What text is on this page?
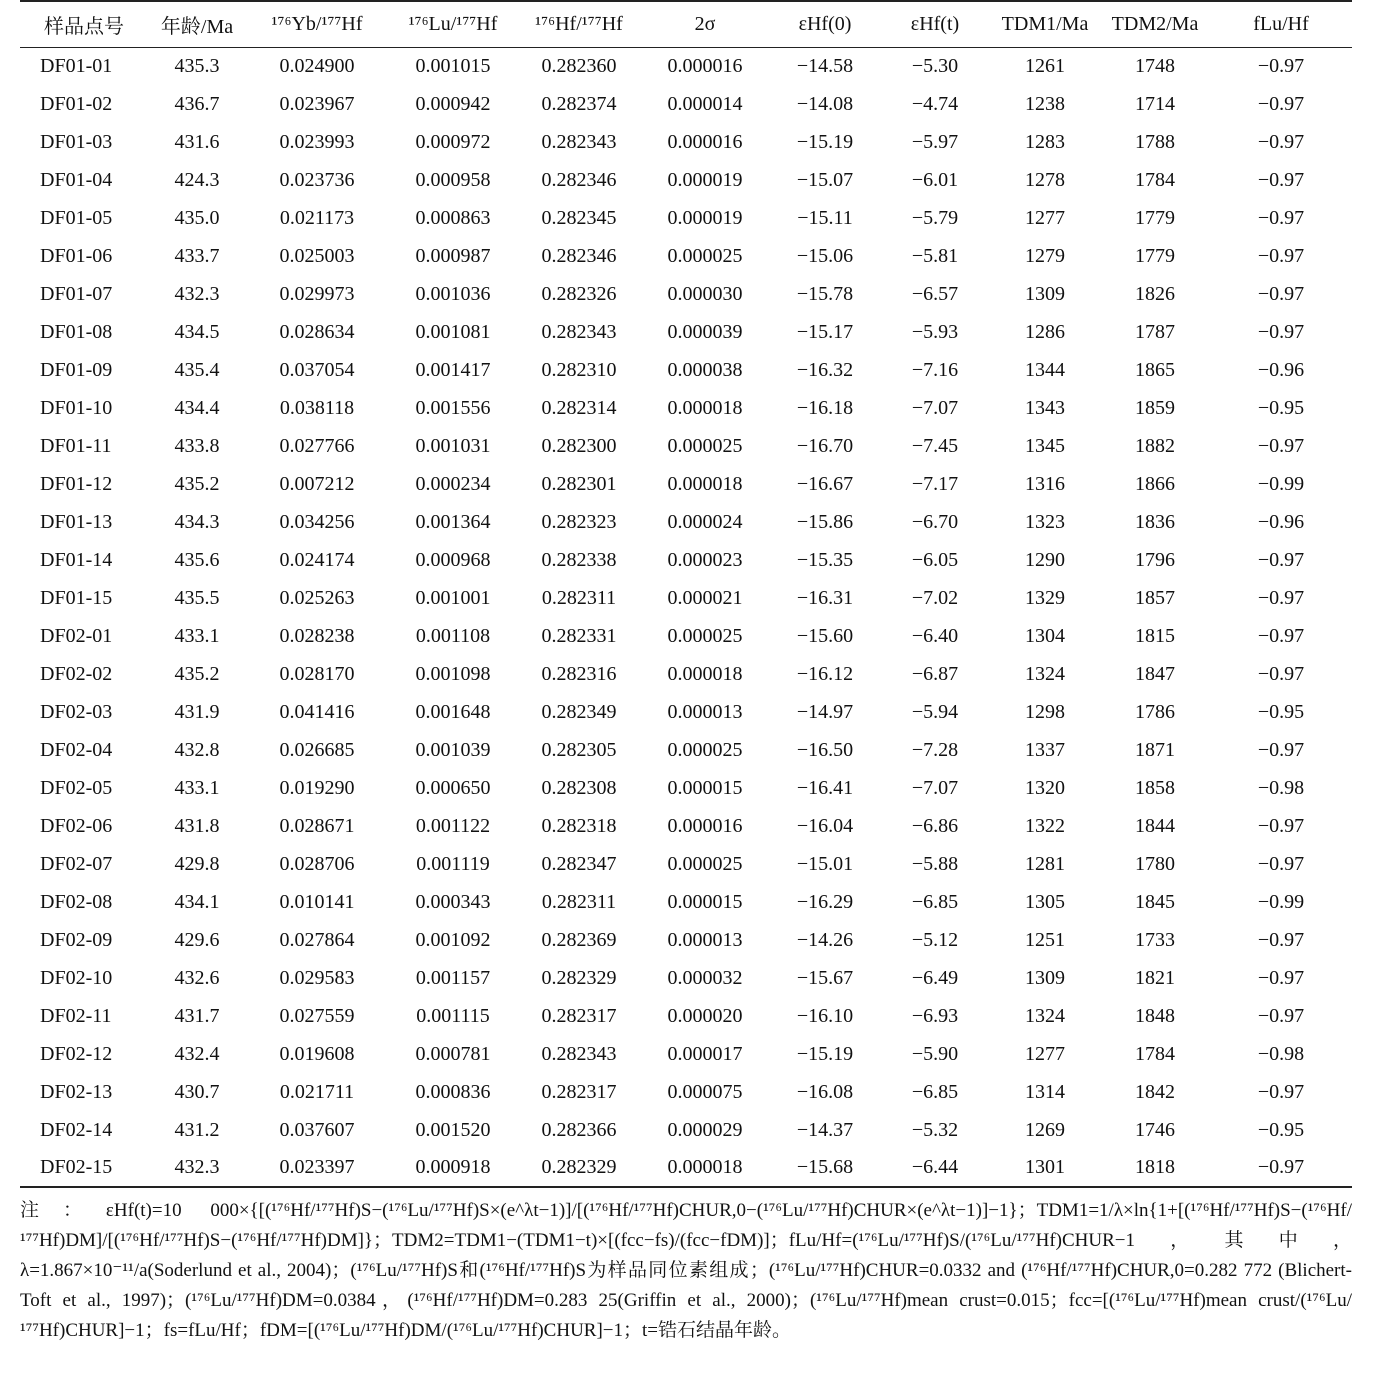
样品点号	年龄/Ma	¹⁷⁶Yb/¹⁷⁷Hf	¹⁷⁶Lu/¹⁷⁷Hf	¹⁷⁶Hf/¹⁷⁷Hf	2σ	εHf(0)	εHf(t)	TDM1/Ma	TDM2/Ma	fLu/Hf
DF01-01	435.3	0.024900	0.001015	0.282360	0.000016	−14.58	−5.30	1261	1748	−0.97
DF01-02	436.7	0.023967	0.000942	0.282374	0.000014	−14.08	−4.74	1238	1714	−0.97
DF01-03	431.6	0.023993	0.000972	0.282343	0.000016	−15.19	−5.97	1283	1788	−0.97
DF01-04	424.3	0.023736	0.000958	0.282346	0.000019	−15.07	−6.01	1278	1784	−0.97
DF01-05	435.0	0.021173	0.000863	0.282345	0.000019	−15.11	−5.79	1277	1779	−0.97
DF01-06	433.7	0.025003	0.000987	0.282346	0.000025	−15.06	−5.81	1279	1779	−0.97
DF01-07	432.3	0.029973	0.001036	0.282326	0.000030	−15.78	−6.57	1309	1826	−0.97
DF01-08	434.5	0.028634	0.001081	0.282343	0.000039	−15.17	−5.93	1286	1787	−0.97
DF01-09	435.4	0.037054	0.001417	0.282310	0.000038	−16.32	−7.16	1344	1865	−0.96
DF01-10	434.4	0.038118	0.001556	0.282314	0.000018	−16.18	−7.07	1343	1859	−0.95
DF01-11	433.8	0.027766	0.001031	0.282300	0.000025	−16.70	−7.45	1345	1882	−0.97
DF01-12	435.2	0.007212	0.000234	0.282301	0.000018	−16.67	−7.17	1316	1866	−0.99
DF01-13	434.3	0.034256	0.001364	0.282323	0.000024	−15.86	−6.70	1323	1836	−0.96
DF01-14	435.6	0.024174	0.000968	0.282338	0.000023	−15.35	−6.05	1290	1796	−0.97
DF01-15	435.5	0.025263	0.001001	0.282311	0.000021	−16.31	−7.02	1329	1857	−0.97
DF02-01	433.1	0.028238	0.001108	0.282331	0.000025	−15.60	−6.40	1304	1815	−0.97
DF02-02	435.2	0.028170	0.001098	0.282316	0.000018	−16.12	−6.87	1324	1847	−0.97
DF02-03	431.9	0.041416	0.001648	0.282349	0.000013	−14.97	−5.94	1298	1786	−0.95
DF02-04	432.8	0.026685	0.001039	0.282305	0.000025	−16.50	−7.28	1337	1871	−0.97
DF02-05	433.1	0.019290	0.000650	0.282308	0.000015	−16.41	−7.07	1320	1858	−0.98
DF02-06	431.8	0.028671	0.001122	0.282318	0.000016	−16.04	−6.86	1322	1844	−0.97
DF02-07	429.8	0.028706	0.001119	0.282347	0.000025	−15.01	−5.88	1281	1780	−0.97
DF02-08	434.1	0.010141	0.000343	0.282311	0.000015	−16.29	−6.85	1305	1845	−0.99
DF02-09	429.6	0.027864	0.001092	0.282369	0.000013	−14.26	−5.12	1251	1733	−0.97
DF02-10	432.6	0.029583	0.001157	0.282329	0.000032	−15.67	−6.49	1309	1821	−0.97
DF02-11	431.7	0.027559	0.001115	0.282317	0.000020	−16.10	−6.93	1324	1848	−0.97
DF02-12	432.4	0.019608	0.000781	0.282343	0.000017	−15.19	−5.90	1277	1784	−0.98
DF02-13	430.7	0.021711	0.000836	0.282317	0.000075	−16.08	−6.85	1314	1842	−0.97
DF02-14	431.2	0.037607	0.001520	0.282366	0.000029	−14.37	−5.32	1269	1746	−0.95
DF02-15	432.3	0.023397	0.000918	0.282329	0.000018	−15.68	−6.44	1301	1818	−0.97
注：εHf(t)=10 000×{[(¹⁷⁶Hf/¹⁷⁷Hf)S−(¹⁷⁶Lu/¹⁷⁷Hf)S×(e^λt−1)]/[(¹⁷⁶Hf/¹⁷⁷Hf)CHUR,0−(¹⁷⁶Lu/¹⁷⁷Hf)CHUR×(e^λt−1)]−1}；TDM1=1/λ×ln{1+[(¹⁷⁶Hf/¹⁷⁷Hf)S−(¹⁷⁶Hf/¹⁷⁷Hf)DM]/[(¹⁷⁶Hf/¹⁷⁷Hf)S−(¹⁷⁶Hf/¹⁷⁷Hf)DM]}；TDM2=TDM1−(TDM1−t)×[(fcc−fs)/(fcc−fDM)]；fLu/Hf=(¹⁷⁶Lu/¹⁷⁷Hf)S/(¹⁷⁶Lu/¹⁷⁷Hf)CHUR−1，其中，λ=1.867×10⁻¹¹/a(Soderlund et al., 2004)；(¹⁷⁶Lu/¹⁷⁷Hf)S和(¹⁷⁶Hf/¹⁷⁷Hf)S为样品同位素组成；(¹⁷⁶Lu/¹⁷⁷Hf)CHUR=0.0332 and (¹⁷⁶Hf/¹⁷⁷Hf)CHUR,0=0.282 772 (Blichert-Toft et al., 1997)；(¹⁷⁶Lu/¹⁷⁷Hf)DM=0.0384，(¹⁷⁶Hf/¹⁷⁷Hf)DM=0.283 25(Griffin et al., 2000)；(¹⁷⁶Lu/¹⁷⁷Hf)mean crust=0.015；fcc=[(¹⁷⁶Lu/¹⁷⁷Hf)mean crust/(¹⁷⁶Lu/¹⁷⁷Hf)CHUR]−1；fs=fLu/Hf；fDM=[(¹⁷⁶Lu/¹⁷⁷Hf)DM/(¹⁷⁶Lu/¹⁷⁷Hf)CHUR]−1；t=锆石结晶年龄。
